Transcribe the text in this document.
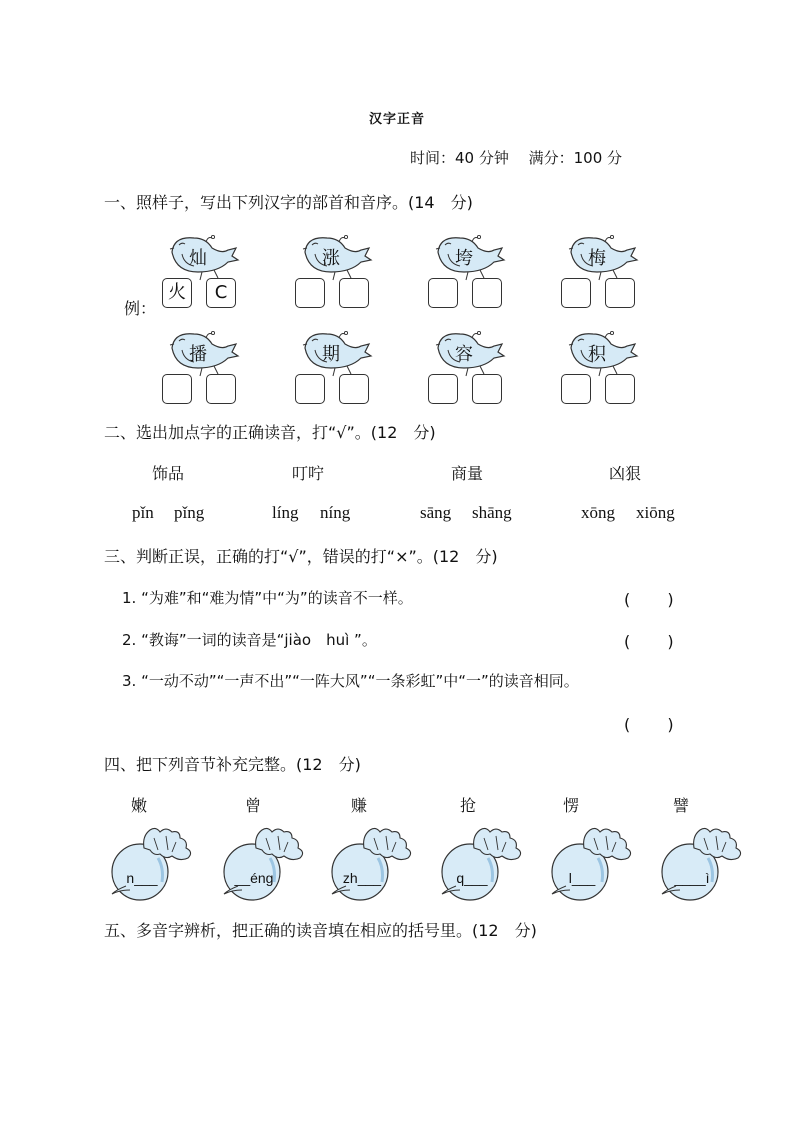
汉字正音
时间：40 分钟　 满分：100 分
一、照样子，写出下列汉字的部首和音序。(14　分)
例：
灿
火	C
涨	垮	梅
播	期	容	积
二、选出加点字的正确读音，打“√”。(12　分)
饰品	叮咛	商量	凶狠
pǐn pǐng	líng níng	sāng shāng	xōng xiōng
三、判断正误，正确的打“√”，错误的打“×”。(12　分)
1. “为难”和“难为情”中“为”的读音不一样。	(　　 )
2. “教诲”一词的读音是“jiào　huì ”。	(　　 )
3. “一动不动”“一声不出”“一阵大风”“一条彩虹”中“一”的读音相同。
(　　 )
四、把下列音节补充完整。(12　分)
嫩
n___
曾
__éng
赚
zh___
抢
q___
愣
l___
譬
____ì
五、多音字辨析，把正确的读音填在相应的括号里。(12　分)
